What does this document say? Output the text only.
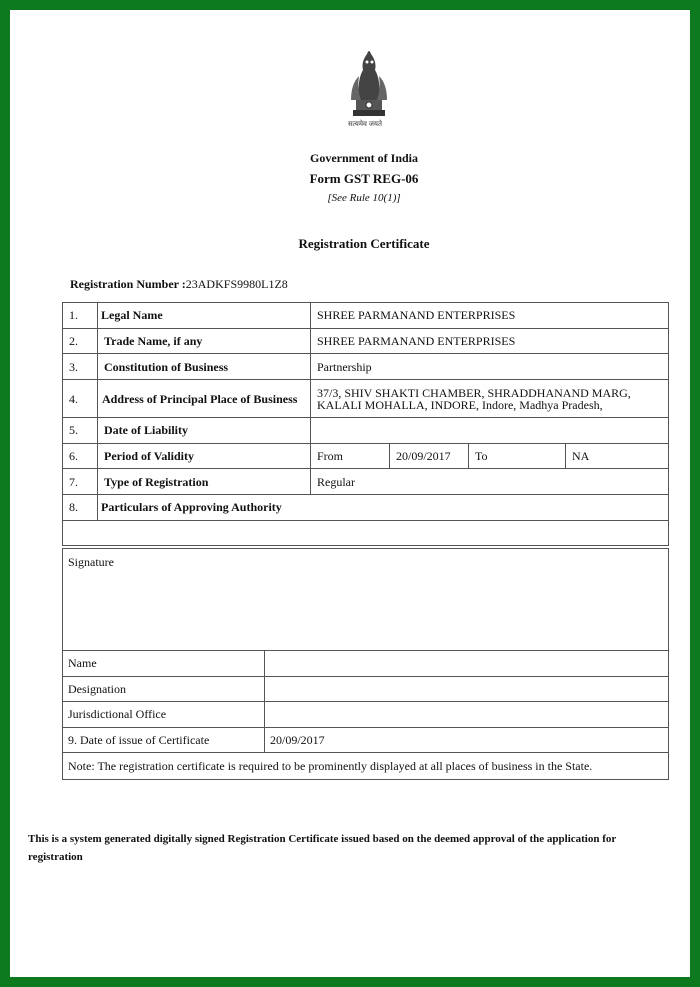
सत्यमेव जयते
Government of India
Form GST REG-06
[See Rule 10(1)]
Registration Certificate
Registration Number :23ADKFS9980L1Z8
1.	Legal Name	SHREE PARMANAND ENTERPRISES			
2.	Trade Name, if any	SHREE PARMANAND ENTERPRISES			
3.	Constitution of Business	Partnership			
4.	Address of Principal Place of Business	37/3, SHIV SHAKTI CHAMBER, SHRADDHANAND MARG, KALALI MOHALLA, INDORE, Indore, Madhya Pradesh,			
5.	Date of Liability				
6.	Period of Validity	From	20/09/2017	To	NA
7.	Type of Registration	Regular			
8.	Particulars of Approving Authority				

Signature	
Name	
Designation	
Jurisdictional Office	
9. Date of issue of Certificate	20/09/2017
Note: The registration certificate is required to be prominently displayed at all places of business in the State.	
This is a system generated digitally signed Registration Certificate issued based on the deemed approval of the application for registration
